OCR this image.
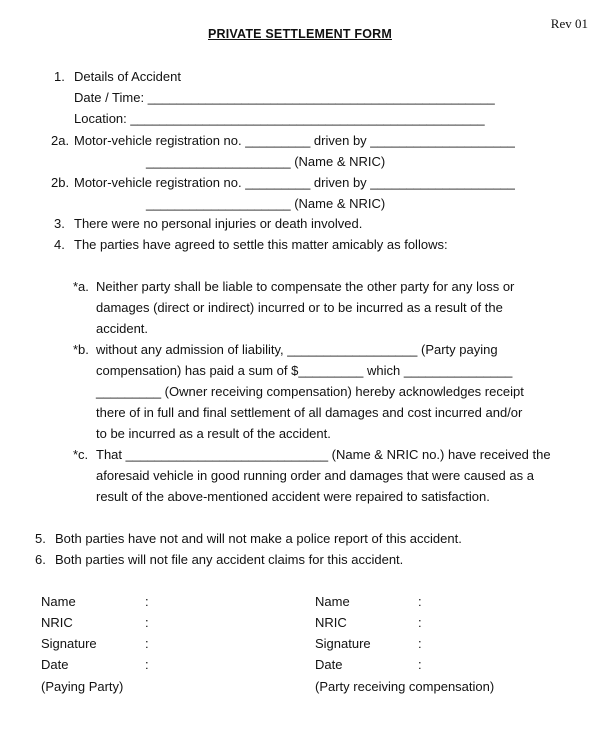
Rev 01
PRIVATE SETTLEMENT FORM
1. Details of Accident
Date / Time: ________________________________________________
Location: _________________________________________________
2a. Motor-vehicle registration no. _________ driven by ____________________
____________________ (Name & NRIC)
2b. Motor-vehicle registration no. _________ driven by ____________________
____________________ (Name & NRIC)
3. There were no personal injuries or death involved.
4. The parties have agreed to settle this matter amicably as follows:
*a. Neither party shall be liable to compensate the other party for any loss or
damages (direct or indirect) incurred or to be incurred as a result of the
accident.
*b. without any admission of liability, __________________ (Party paying
compensation) has paid a sum of $_________ which _______________
_________ (Owner receiving compensation) hereby acknowledges receipt
there of in full and final settlement of all damages and cost incurred and/or
to be incurred as a result of the accident.
*c. That ____________________________ (Name & NRIC no.) have received the
aforesaid vehicle in good running order and damages that were caused as a
result of the above-mentioned accident were repaired to satisfaction.
5. Both parties have not and will not make a police report of this accident.
6. Both parties will not file any accident claims for this accident.
Name	:
NRIC	:
Signature	:
Date	:
(Paying Party)
Name	:
NRIC	:
Signature	:
Date	:
(Party receiving compensation)
